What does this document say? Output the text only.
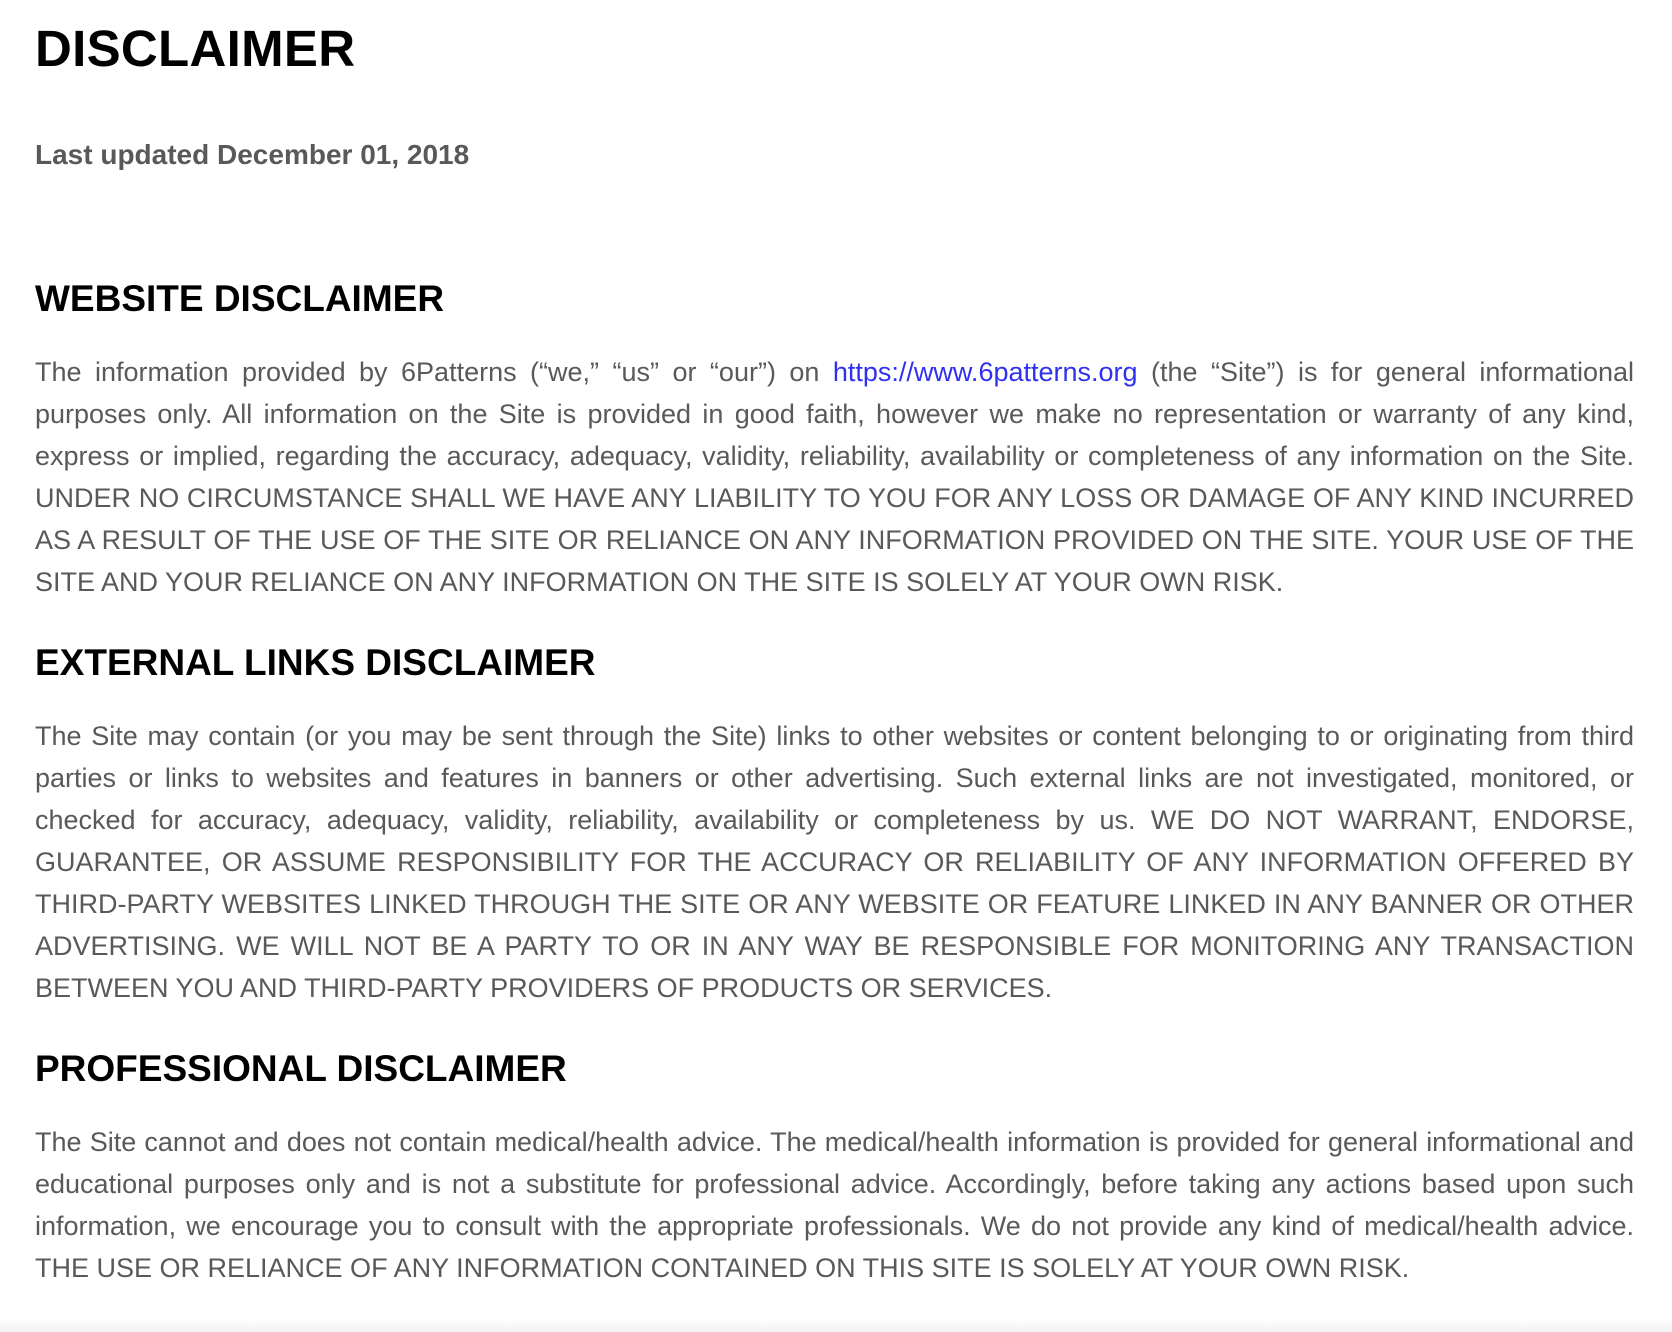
DISCLAIMER

Last updated December 01, 2018

WEBSITE DISCLAIMER

The information provided by 6Patterns (“we,” “us” or “our”) on https://www.6patterns.org (the “Site”) is for general informational purposes only. All information on the Site is provided in good faith, however we make no representation or warranty of any kind, express or implied, regarding the accuracy, adequacy, validity, reliability, availability or completeness of any information on the Site. UNDER NO CIRCUMSTANCE SHALL WE HAVE ANY LIABILITY TO YOU FOR ANY LOSS OR DAMAGE OF ANY KIND INCURRED AS A RESULT OF THE USE OF THE SITE OR RELIANCE ON ANY INFORMATION PROVIDED ON THE SITE. YOUR USE OF THE SITE AND YOUR RELIANCE ON ANY INFORMATION ON THE SITE IS SOLELY AT YOUR OWN RISK.

EXTERNAL LINKS DISCLAIMER

The Site may contain (or you may be sent through the Site) links to other websites or content belonging to or originating from third parties or links to websites and features in banners or other advertising. Such external links are not investigated, monitored, or checked for accuracy, adequacy, validity, reliability, availability or completeness by us. WE DO NOT WARRANT, ENDORSE, GUARANTEE, OR ASSUME RESPONSIBILITY FOR THE ACCURACY OR RELIABILITY OF ANY INFORMATION OFFERED BY THIRD-PARTY WEBSITES LINKED THROUGH THE SITE OR ANY WEBSITE OR FEATURE LINKED IN ANY BANNER OR OTHER ADVERTISING. WE WILL NOT BE A PARTY TO OR IN ANY WAY BE RESPONSIBLE FOR MONITORING ANY TRANSACTION BETWEEN YOU AND THIRD-PARTY PROVIDERS OF PRODUCTS OR SERVICES.

PROFESSIONAL DISCLAIMER

The Site cannot and does not contain medical/health advice. The medical/health information is provided for general informational and educational purposes only and is not a substitute for professional advice. Accordingly, before taking any actions based upon such information, we encourage you to consult with the appropriate professionals. We do not provide any kind of medical/health advice. THE USE OR RELIANCE OF ANY INFORMATION CONTAINED ON THIS SITE IS SOLELY AT YOUR OWN RISK.
